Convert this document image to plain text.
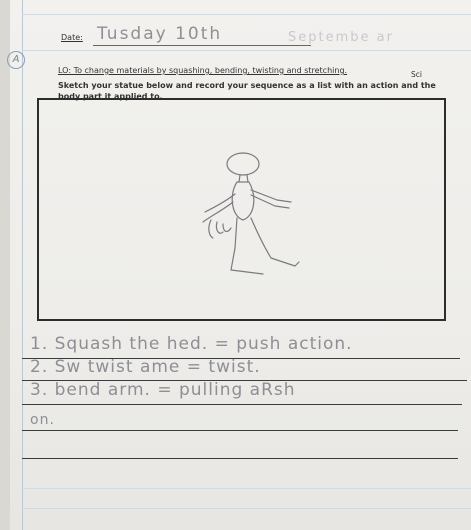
A
Date: Tusday 10th	Septembe ar
LO: To change materials by squashing, bending, twisting and stretching.	Sci
Sketch your statue below and record your sequence as a list with an action and the body part it applied to.
1. Squash the hed. = push action.
2. Sw twist ame = twist.
3. bend arm. = pulling aRsh
on.
